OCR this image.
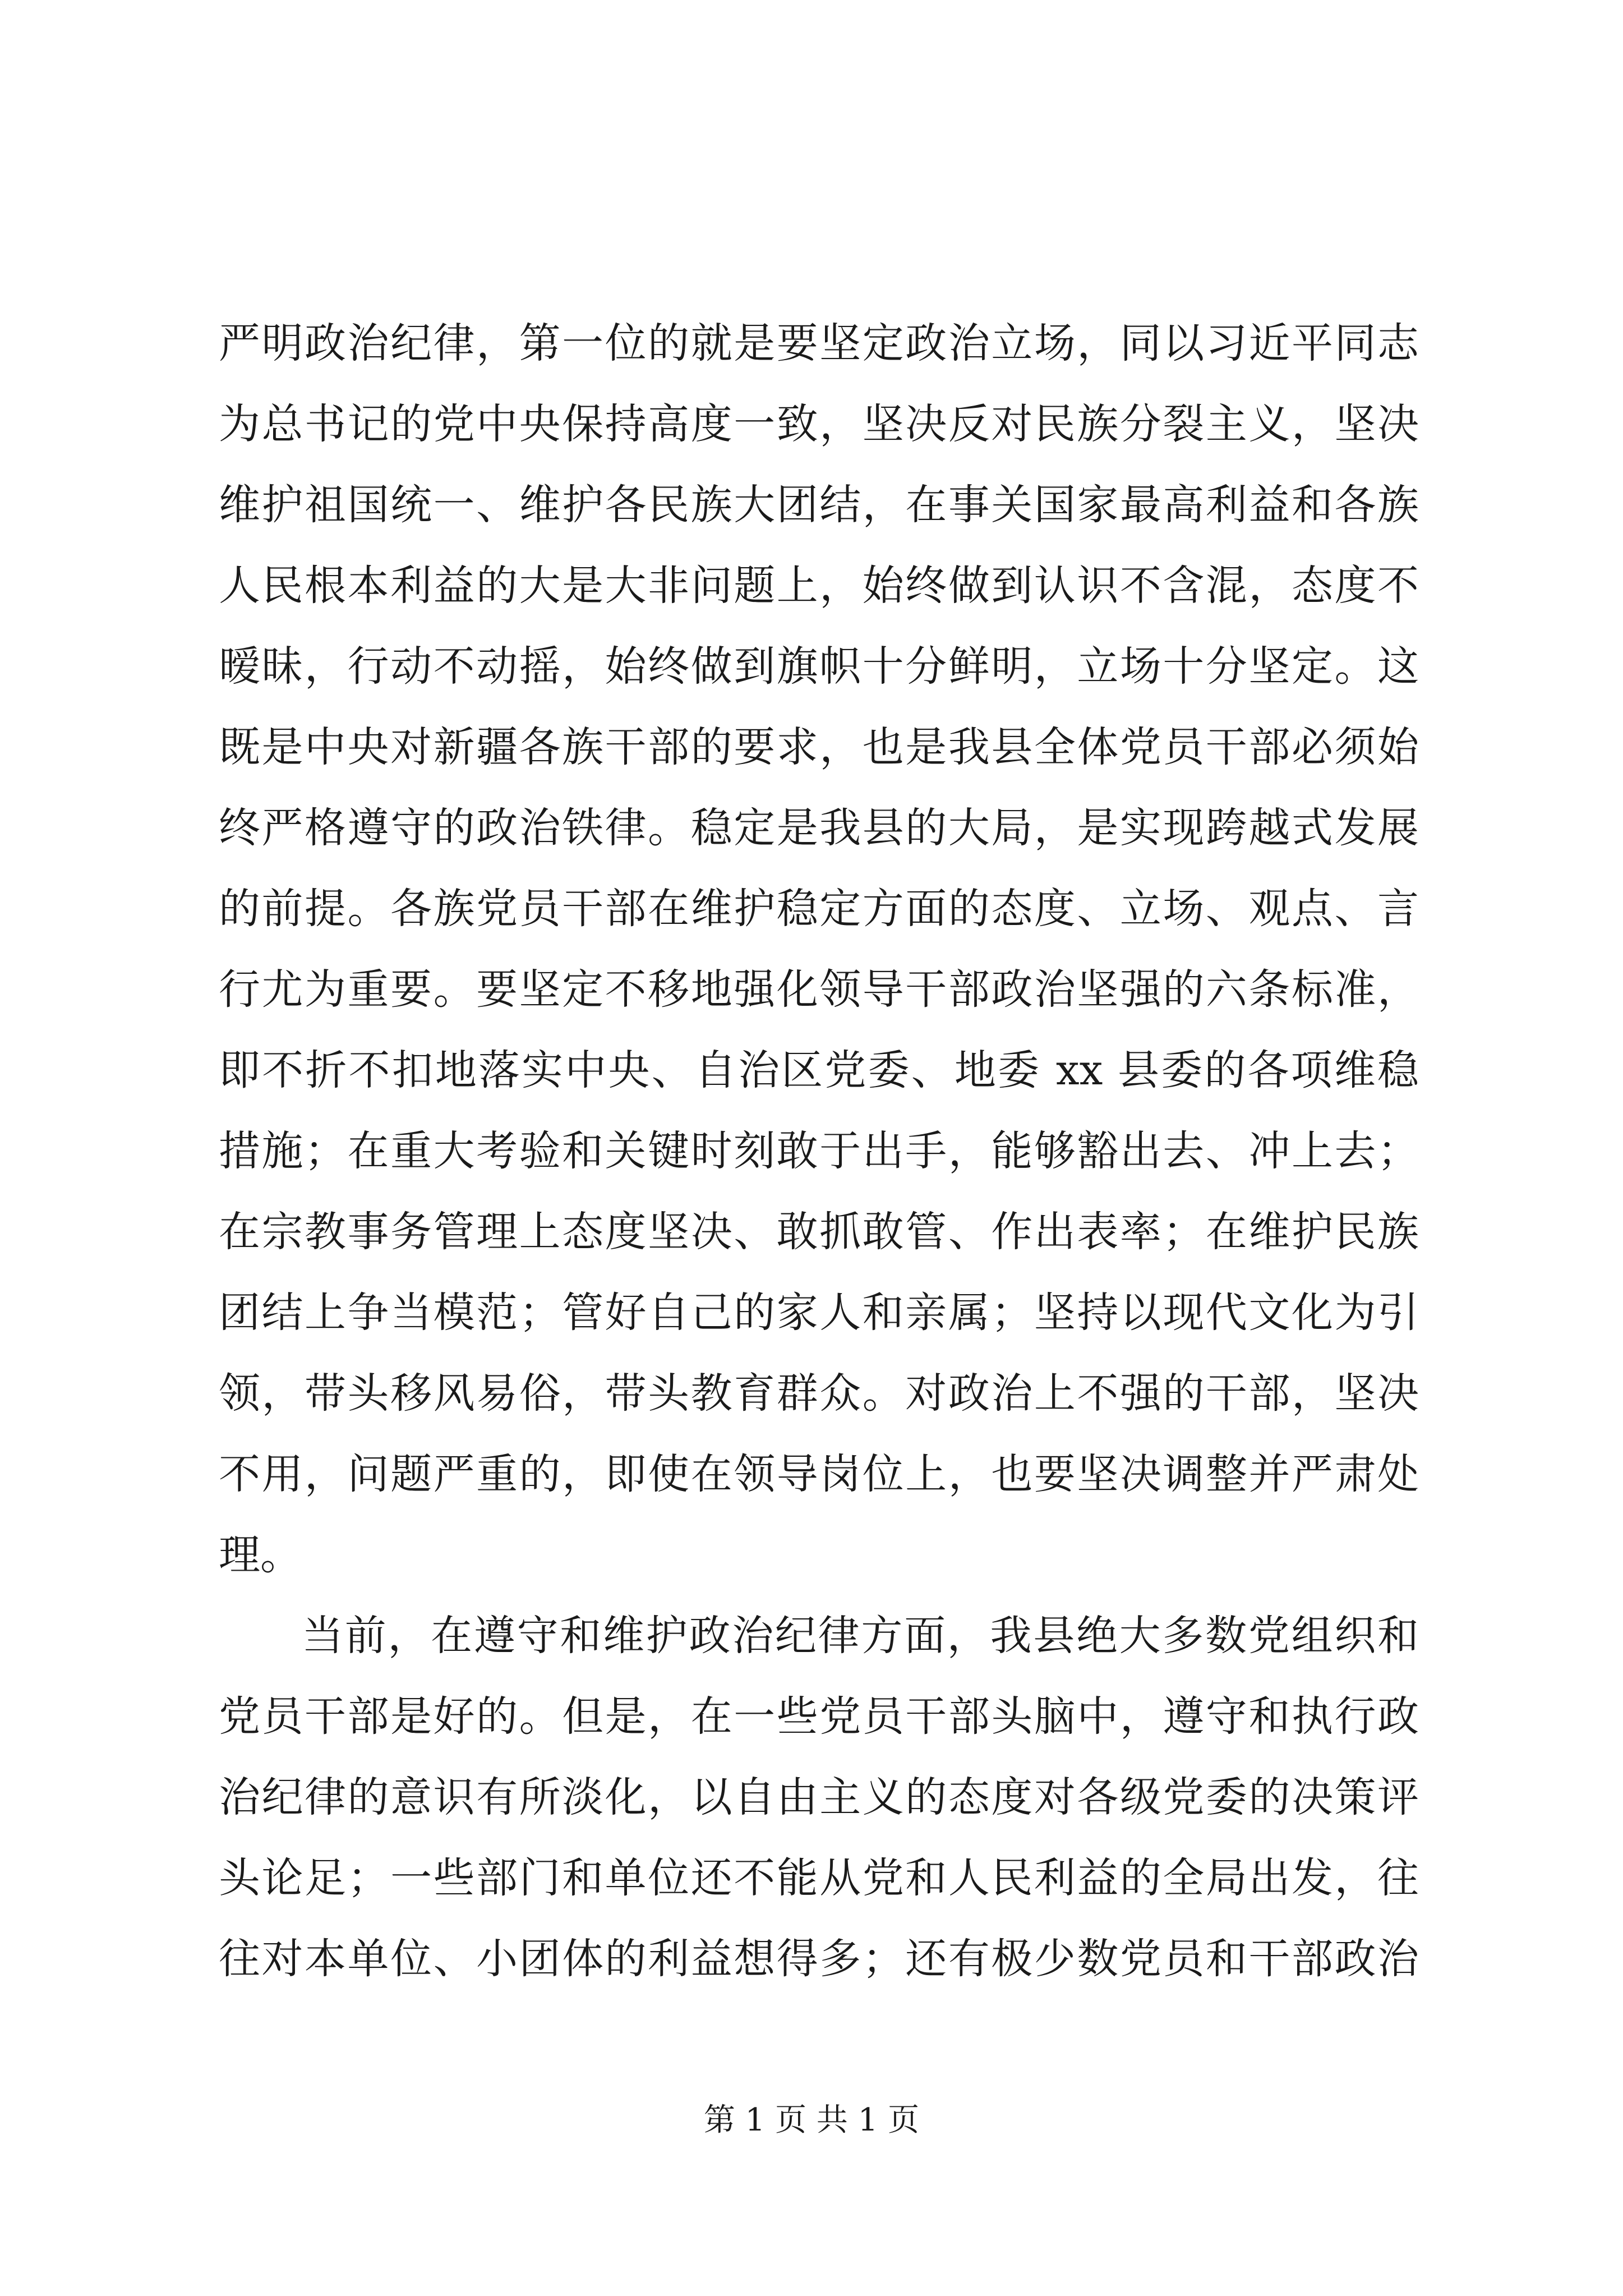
严明政治纪律，第一位的就是要坚定政治立场，同以习近平同志
为总书记的党中央保持高度一致，坚决反对民族分裂主义，坚决
维护祖国统一、维护各民族大团结，在事关国家最高利益和各族
人民根本利益的大是大非问题上，始终做到认识不含混，态度不
暧昧，行动不动摇，始终做到旗帜十分鲜明，立场十分坚定。这
既是中央对新疆各族干部的要求，也是我县全体党员干部必须始
终严格遵守的政治铁律。稳定是我县的大局，是实现跨越式发展
的前提。各族党员干部在维护稳定方面的态度、立场、观点、言
行尤为重要。要坚定不移地强化领导干部政治坚强的六条标准，
即不折不扣地落实中央、自治区党委、地委 xx 县委的各项维稳
措施；在重大考验和关键时刻敢于出手，能够豁出去、冲上去；
在宗教事务管理上态度坚决、敢抓敢管、作出表率；在维护民族
团结上争当模范；管好自己的家人和亲属；坚持以现代文化为引
领，带头移风易俗，带头教育群众。对政治上不强的干部，坚决
不用，问题严重的，即使在领导岗位上，也要坚决调整并严肃处
理。
当前，在遵守和维护政治纪律方面，我县绝大多数党组织和
党员干部是好的。但是，在一些党员干部头脑中，遵守和执行政
治纪律的意识有所淡化，以自由主义的态度对各级党委的决策评
头论足；一些部门和单位还不能从党和人民利益的全局出发，往
往对本单位、小团体的利益想得多；还有极少数党员和干部政治
第 1 页 共 1 页
